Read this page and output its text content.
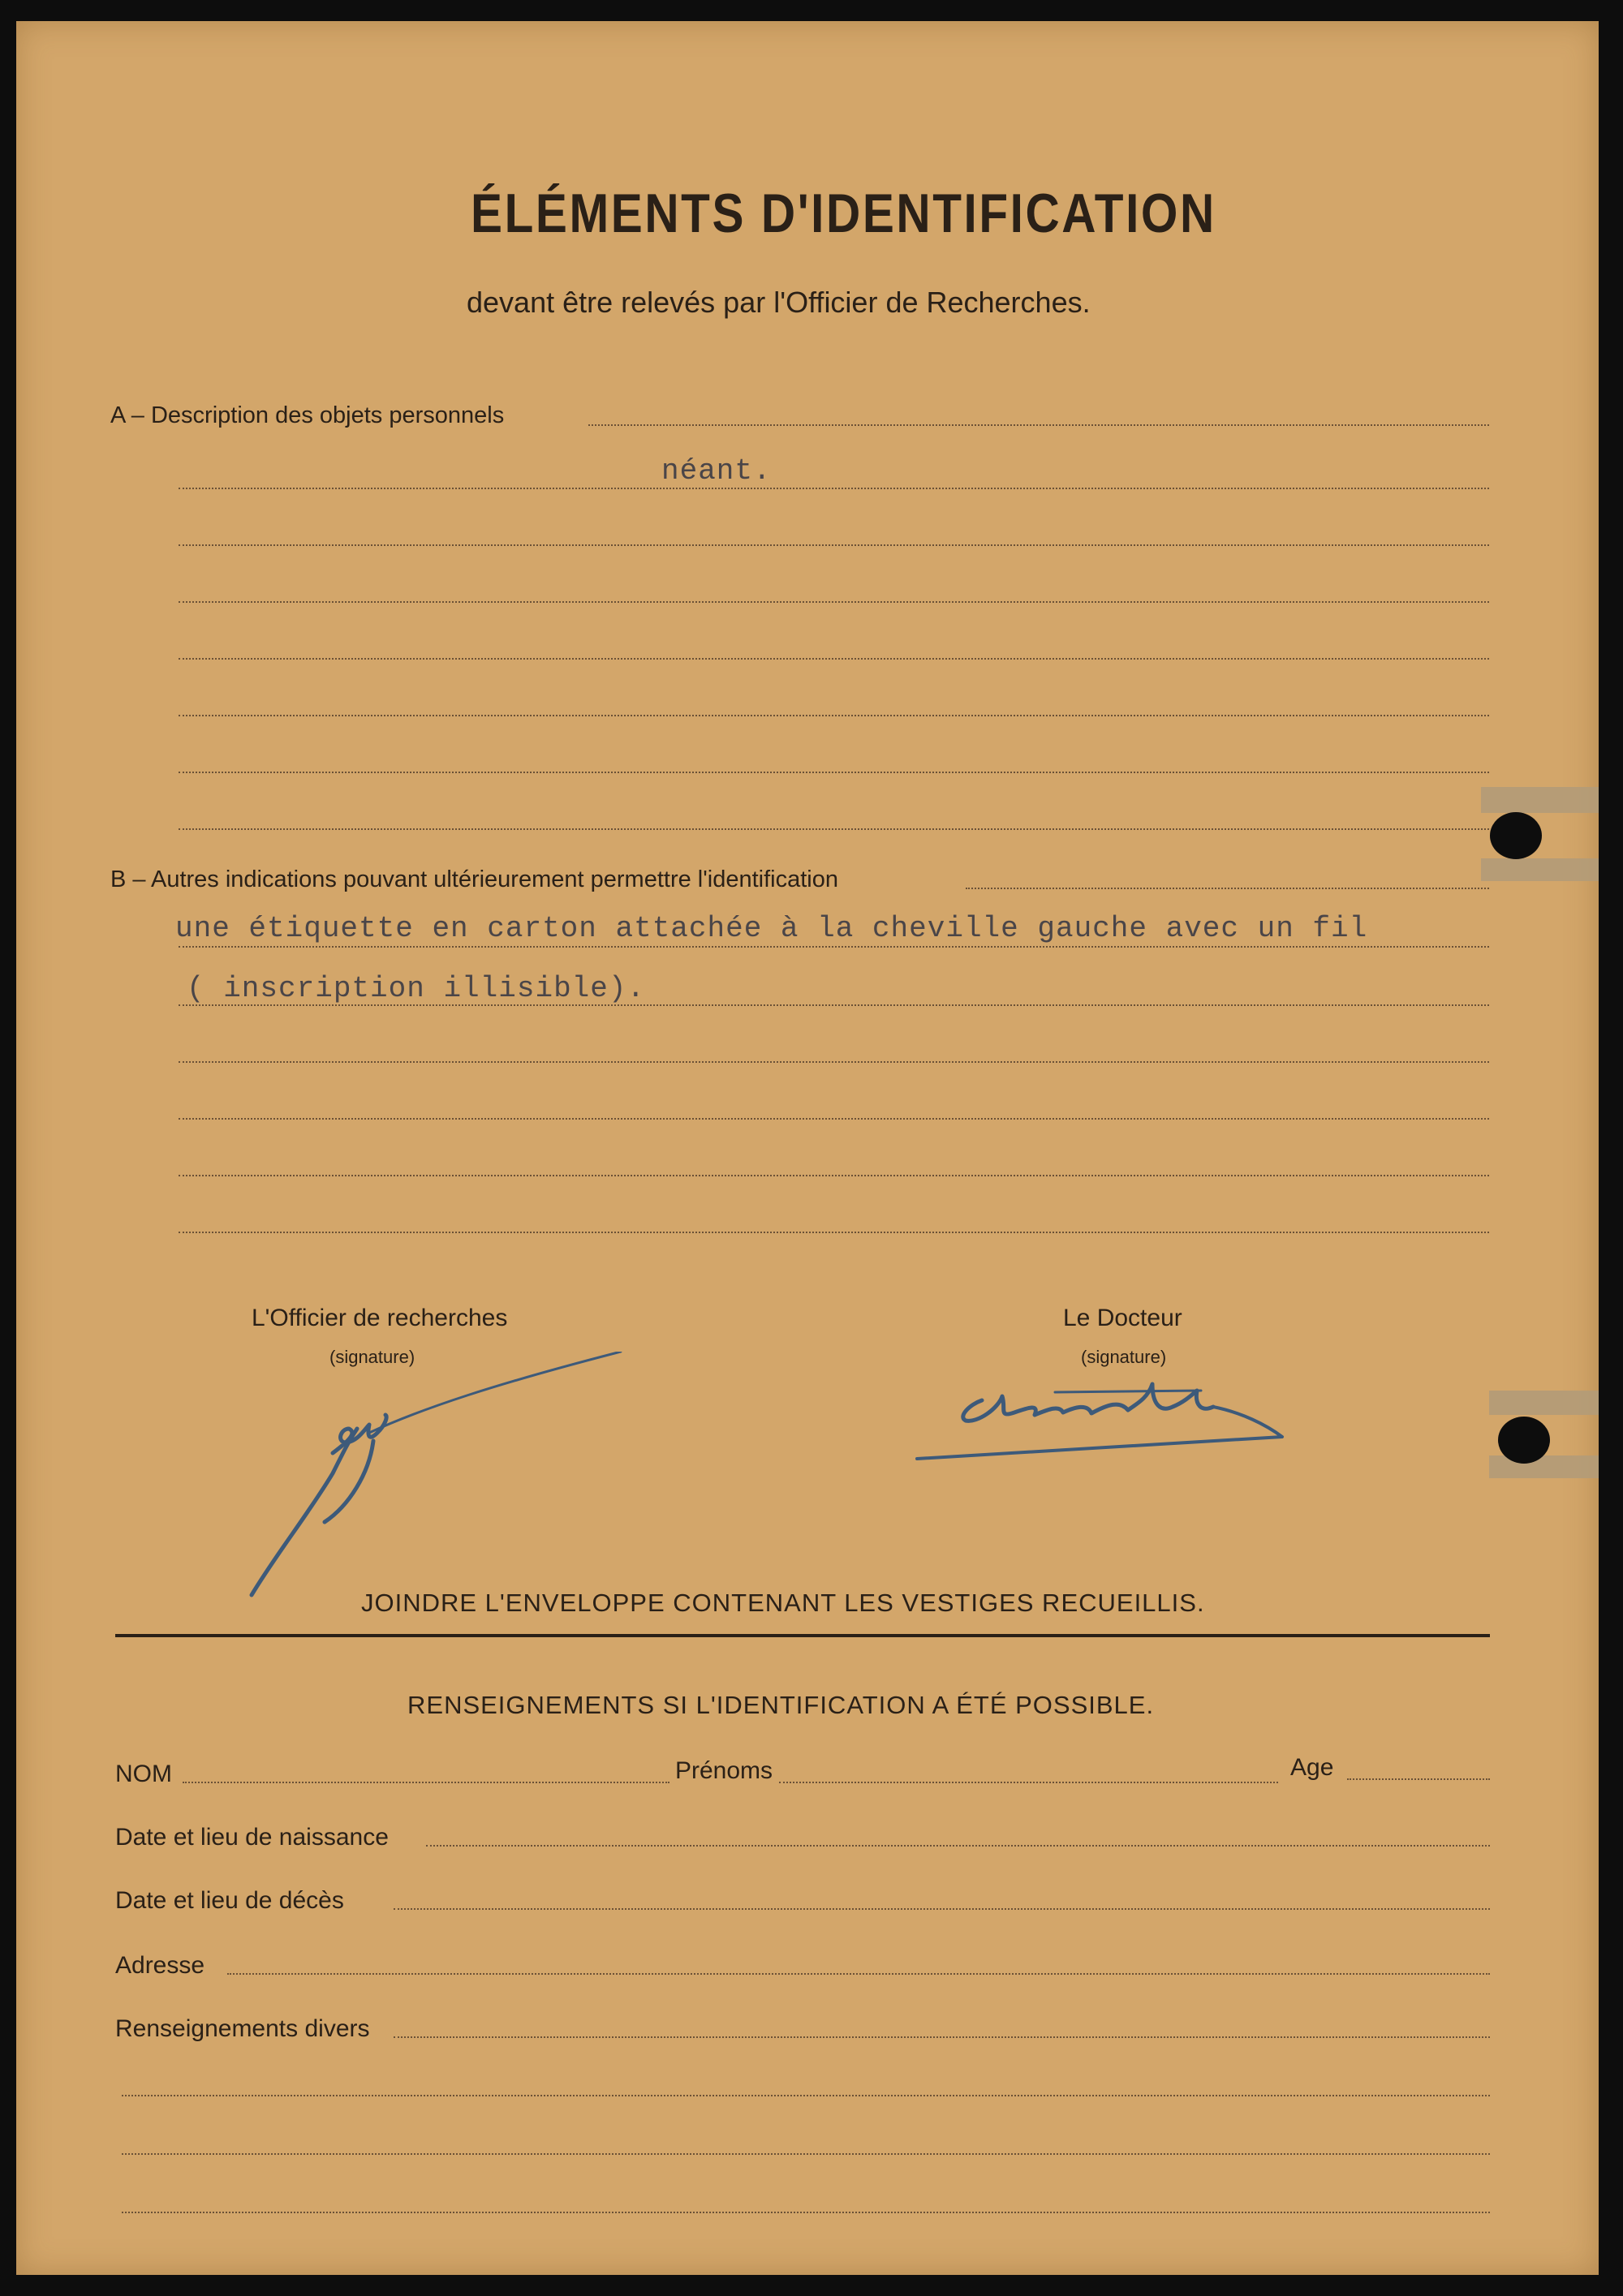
ÉLÉMENTS D'IDENTIFICATION
devant être relevés par l'Officier de Recherches.
A – Description des objets personnels
néant.
B – Autres indications pouvant ultérieurement permettre l'identification
une étiquette en carton attachée à la cheville gauche avec un fil
( inscription illisible).
L'Officier de recherches
(signature)
Le Docteur
(signature)
JOINDRE L'ENVELOPPE CONTENANT LES VESTIGES RECUEILLIS.
RENSEIGNEMENTS SI L'IDENTIFICATION A ÉTÉ POSSIBLE.
NOM	Prénoms	Age
Date et lieu de naissance
Date et lieu de décès
Adresse
Renseignements divers
